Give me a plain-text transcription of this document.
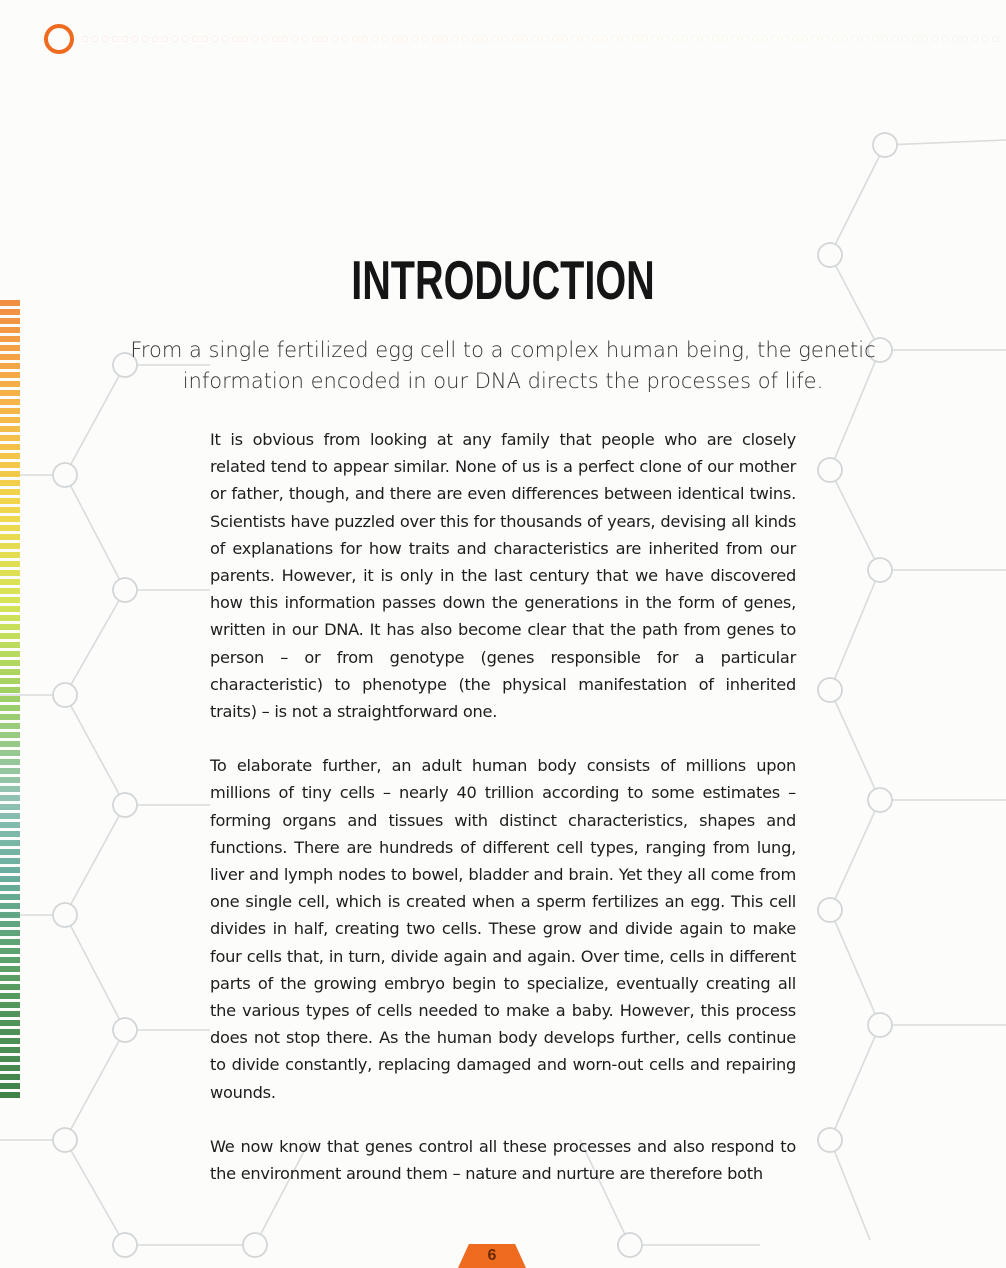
INTRODUCTION
From a single fertilized egg cell to a complex human being, the genetic information encoded in our DNA directs the processes of life.

It is obvious from looking at any family that people who are closely related tend to appear similar. None of us is a perfect clone of our mother or father, though, and there are even differences between identical twins. Scientists have puzzled over this for thousands of years, devising all kinds of explanations for how traits and characteristics are inherited from our parents. However, it is only in the last century that we have discovered how this information passes down the generations in the form of genes, written in our DNA. It has also become clear that the path from genes to person – or from genotype (genes responsible for a particular characteristic) to phenotype (the physical manifestation of inherited traits) – is not a straightforward one.

To elaborate further, an adult human body consists of millions upon millions of tiny cells – nearly 40 trillion according to some estimates – forming organs and tissues with distinct characteristics, shapes and functions. There are hundreds of different cell types, ranging from lung, liver and lymph nodes to bowel, bladder and brain. Yet they all come from one single cell, which is created when a sperm fertilizes an egg. This cell divides in half, creating two cells. These grow and divide again to make four cells that, in turn, divide again and again. Over time, cells in different parts of the growing embryo begin to specialize, eventually creating all the various types of cells needed to make a baby. However, this process does not stop there. As the human body develops further, cells continue to divide constantly, replacing damaged and worn-out cells and repairing wounds.

We now know that genes control all these processes and also respond to the environment around them – nature and nurture are therefore both

6
